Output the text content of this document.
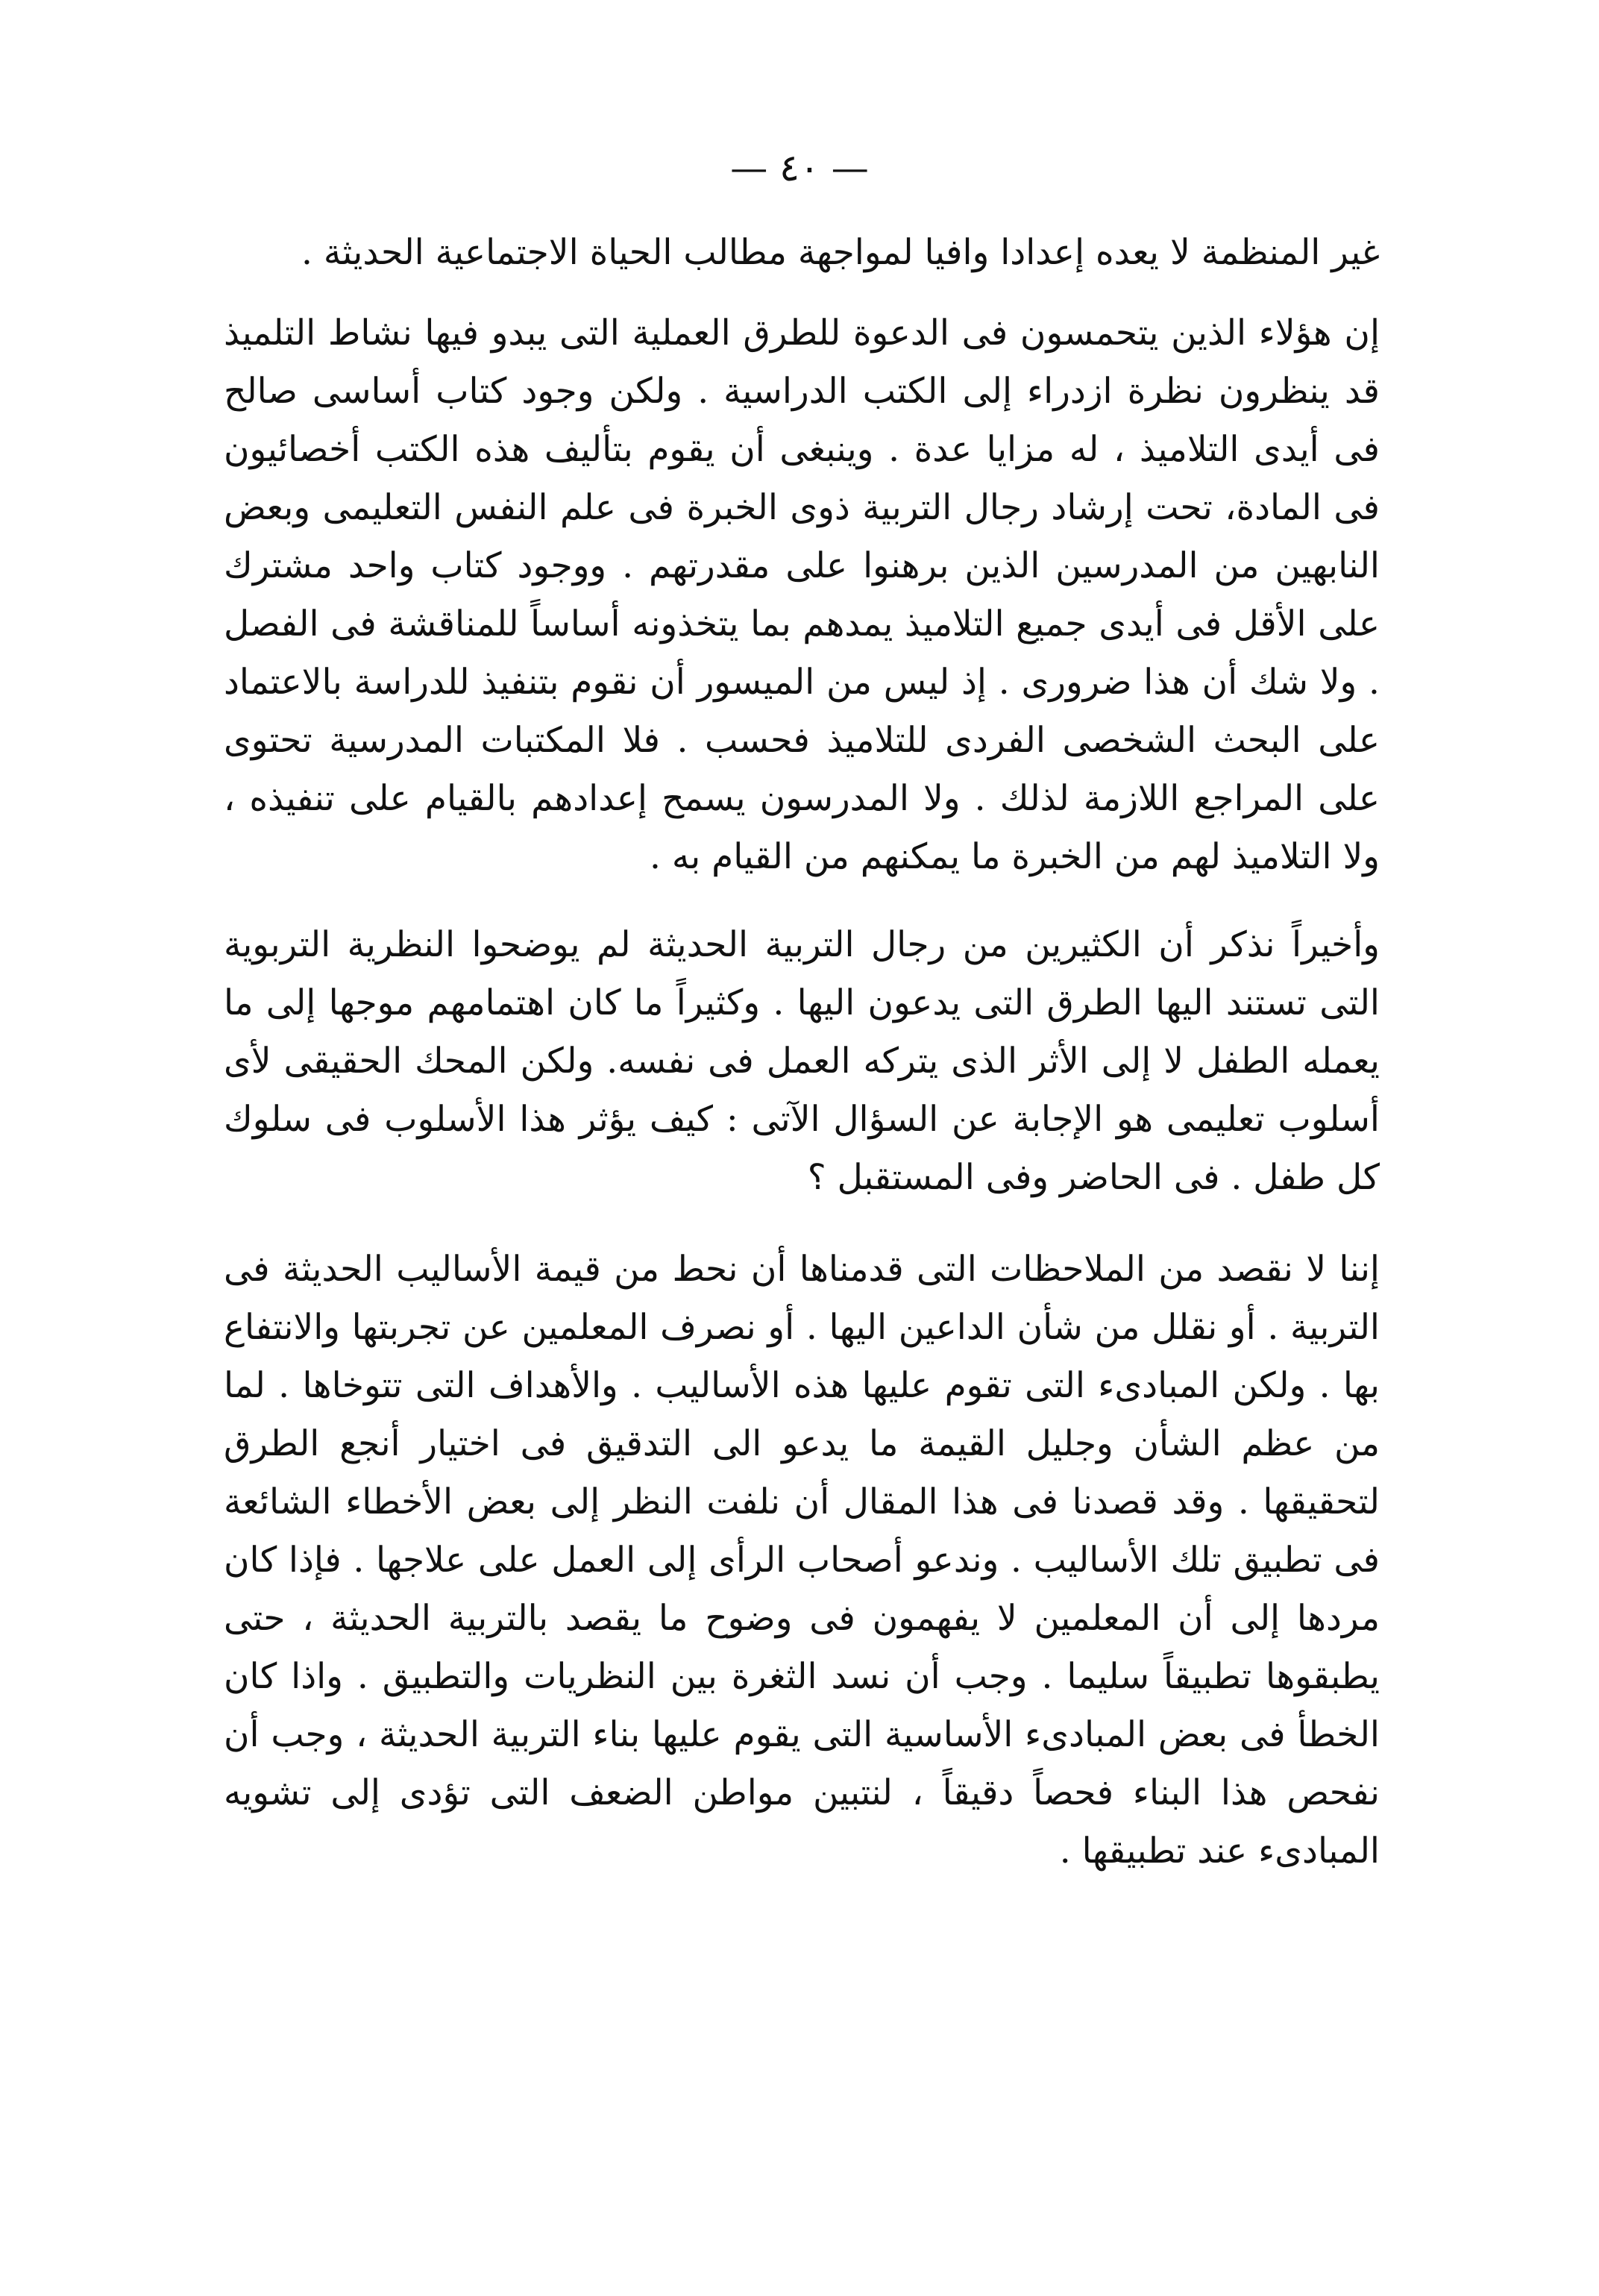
— ٤٠ —

غير المنظمة لا يعده إعدادا وافيا لمواجهة مطالب الحياة الاجتماعية الحديثة .

إن هؤلاء الذين يتحمسون فى الدعوة للطرق العملية التى يبدو فيها نشاط التلميذ قد ينظرون نظرة ازدراء إلى الكتب الدراسية . ولكن وجود كتاب أساسى صالح فى أيدى التلاميذ ، له مزايا عدة . وينبغى أن يقوم بتأليف هذه الكتب أخصائيون فى المادة، تحت إرشاد رجال التربية ذوى الخبرة فى علم النفس التعليمى وبعض النابهين من المدرسين الذين برهنوا على مقدرتهم . ووجود كتاب واحد مشترك على الأقل فى أيدى جميع التلاميذ يمدهم بما يتخذونه أساساً للمناقشة فى الفصل . ولا شك أن هذا ضرورى . إذ ليس من الميسور أن نقوم بتنفيذ للدراسة بالاعتماد على البحث الشخصى الفردى للتلاميذ فحسب . فلا المكتبات المدرسية تحتوى على المراجع اللازمة لذلك . ولا المدرسون يسمح إعدادهم بالقيام على تنفيذه ، ولا التلاميذ لهم من الخبرة ما يمكنهم من القيام به .

وأخيراً نذكر أن الكثيرين من رجال التربية الحديثة لم يوضحوا النظرية التربوية التى تستند اليها الطرق التى يدعون اليها . وكثيراً ما كان اهتمامهم موجها إلى ما يعمله الطفل لا إلى الأثر الذى يتركه العمل فى نفسه. ولكن المحك الحقيقى لأى أسلوب تعليمى هو الإجابة عن السؤال الآتى : كيف يؤثر هذا الأسلوب فى سلوك كل طفل . فى الحاضر وفى المستقبل ؟

إننا لا نقصد من الملاحظات التى قدمناها أن نحط من قيمة الأساليب الحديثة فى التربية . أو نقلل من شأن الداعين اليها . أو نصرف المعلمين عن تجربتها والانتفاع بها . ولكن المبادىء التى تقوم عليها هذه الأساليب . والأهداف التى تتوخاها . لما من عظم الشأن وجليل القيمة ما يدعو الى التدقيق فى اختيار أنجع الطرق لتحقيقها . وقد قصدنا فى هذا المقال أن نلفت النظر إلى بعض الأخطاء الشائعة فى تطبيق تلك الأساليب . وندعو أصحاب الرأى إلى العمل على علاجها . فإذا كان مردها إلى أن المعلمين لا يفهمون فى وضوح ما يقصد بالتربية الحديثة ، حتى يطبقوها تطبيقاً سليما . وجب أن نسد الثغرة بين النظريات والتطبيق . واذا كان الخطأ فى بعض المبادىء الأساسية التى يقوم عليها بناء التربية الحديثة ، وجب أن نفحص هذا البناء فحصاً دقيقاً ، لنتبين مواطن الضعف التى تؤدى إلى تشويه المبادىء عند تطبيقها .
